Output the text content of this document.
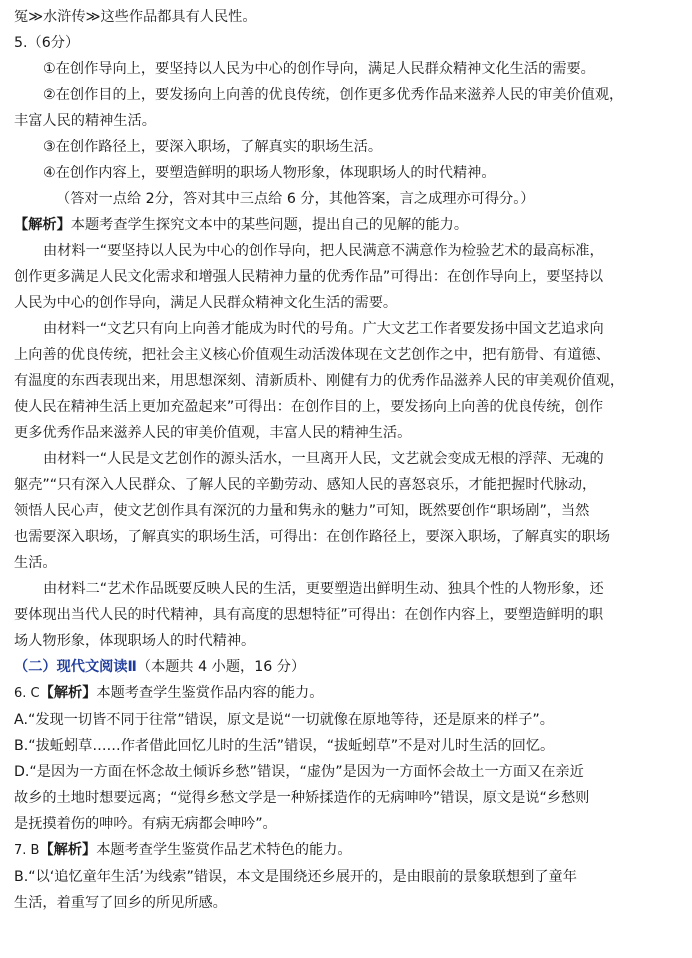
冤≫水浒传≫这些作品都具有人民性。

5.（6分）

①在创作导向上，要坚持以人民为中心的创作导向，满足人民群众精神文化生活的需要。

②在创作目的上，要发扬向上向善的优良传统，创作更多优秀作品来滋养人民的审美价值观，

丰富人民的精神生活。

③在创作路径上，要深入职场，了解真实的职场生活。

④在创作内容上，要塑造鲜明的职场人物形象，体现职场人的时代精神。

（答对一点给 2分，答对其中三点给 6 分，其他答案，言之成理亦可得分。）

【解析】本题考查学生探究文本中的某些问题，提出自己的见解的能力。

由材料一“要坚持以人民为中心的创作导向，把人民满意不满意作为检验艺术的最高标准，

创作更多满足人民文化需求和增强人民精神力量的优秀作品”可得出：在创作导向上，要坚持以

人民为中心的创作导向，满足人民群众精神文化生活的需要。

由材料一“文艺只有向上向善才能成为时代的号角。广大文艺工作者要发扬中国文艺追求向

上向善的优良传统，把社会主义核心价值观生动活泼体现在文艺创作之中，把有筋骨、有道德、

有温度的东西表现出来，用思想深刻、清新质朴、刚健有力的优秀作品滋养人民的审美观价值观，

使人民在精神生活上更加充盈起来”可得出：在创作目的上，要发扬向上向善的优良传统，创作

更多优秀作品来滋养人民的审美价值观，丰富人民的精神生活。

由材料一“人民是文艺创作的源头活水，一旦离开人民，文艺就会变成无根的浮萍、无魂的

躯壳”“只有深入人民群众、了解人民的辛勤劳动、感知人民的喜怒哀乐，才能把握时代脉动，

领悟人民心声，使文艺创作具有深沉的力量和隽永的魅力”可知，既然要创作“职场剧”，当然

也需要深入职场，了解真实的职场生活，可得出：在创作路径上，要深入职场，了解真实的职场

生活。

由材料二“艺术作品既要反映人民的生活，更要塑造出鲜明生动、独具个性的人物形象，还

要体现出当代人民的时代精神，具有高度的思想特征”可得出：在创作内容上，要塑造鲜明的职

场人物形象，体现职场人的时代精神。

（二）现代文阅读Ⅱ（本题共 4 小题，16 分）

6. C【解析】本题考查学生鉴赏作品内容的能力。

A.“发现一切皆不同于往常”错误，原文是说“一切就像在原地等待，还是原来的样子”。

B.“拔蚯蚓草……作者借此回忆儿时的生活”错误，“拔蚯蚓草”不是对儿时生活的回忆。

D.“是因为一方面在怀念故土倾诉乡愁”错误，“虚伪”是因为一方面怀会故土一方面又在亲近

故乡的土地时想要远离；“觉得乡愁文学是一种矫揉造作的无病呻吟”错误，原文是说“乡愁则

是抚摸着伤的呻吟。有病无病都会呻吟”。

7. B【解析】本题考查学生鉴赏作品艺术特色的能力。

B.“以‘追忆童年生活’为线索”错误，本文是围绕还乡展开的，是由眼前的景象联想到了童年

生活，着重写了回乡的所见所感。
